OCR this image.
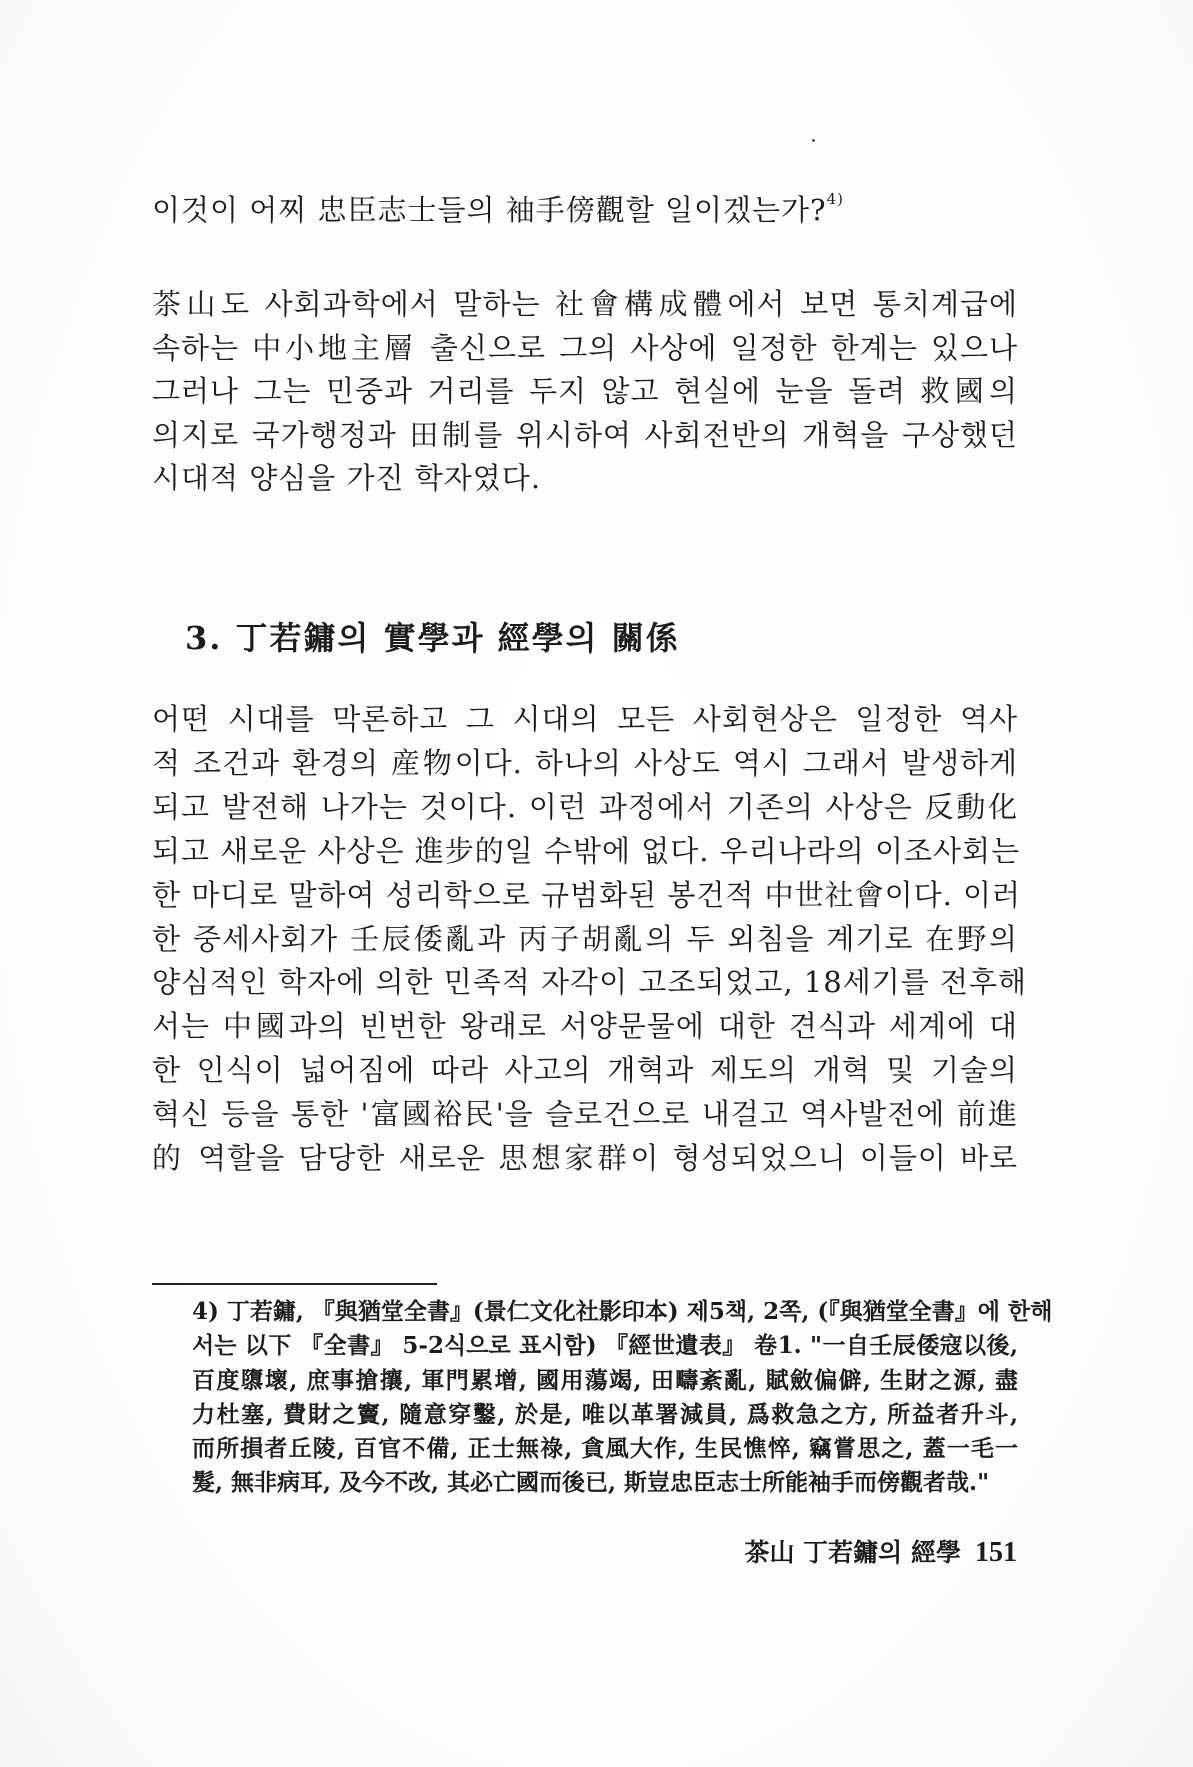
이것이 어찌 忠臣志士들의 袖手傍觀할 일이겠는가?$^{4)}$
茶山도 사회과학에서 말하는 社會構成體에서 보면 통치계급에
속하는 中小地主層 출신으로 그의 사상에 일정한 한계는 있으나
그러나 그는 민중과 거리를 두지 않고 현실에 눈을 돌려 救國의
의지로 국가행정과 田制를 위시하여 사회전반의 개혁을 구상했던
시대적 양심을 가진 학자였다.
3. 丁若鏞의 實學과 經學의 關係
어떤 시대를 막론하고 그 시대의 모든 사회현상은 일정한 역사
적 조건과 환경의 産物이다. 하나의 사상도 역시 그래서 발생하게
되고 발전해 나가는 것이다. 이런 과정에서 기존의 사상은 反動化
되고 새로운 사상은 進步的일 수밖에 없다. 우리나라의 이조사회는
한 마디로 말하여 성리학으로 규범화된 봉건적 中世社會이다. 이러
한 중세사회가 壬辰倭亂과 丙子胡亂의 두 외침을 계기로 在野의
양심적인 학자에 의한 민족적 자각이 고조되었고, 18세기를 전후해
서는 中國과의 빈번한 왕래로 서양문물에 대한 견식과 세계에 대
한 인식이 넓어짐에 따라 사고의 개혁과 제도의 개혁 및 기술의
혁신 등을 통한 '富國裕民'을 슬로건으로 내걸고 역사발전에 前進
的 역할을 담당한 새로운 思想家群이 형성되었으니 이들이 바로
4) 丁若鏞, 『與猶堂全書』(景仁文化社影印本) 제5책, 2쪽, (『與猶堂全書』에 한해
서는 以下 『全書』 5-2식으로 표시함) 『經世遺表』 卷1. "一自壬辰倭寇以後,
百度隳壞, 庶事搶攘, 軍門累增, 國用蕩竭, 田疇紊亂, 賦斂偏僻, 生財之源, 盡
力杜塞, 費財之竇, 隨意穿鑿, 於是, 唯以革署減員, 爲救急之方, 所益者升斗,
而所損者丘陵, 百官不備, 正士無祿, 貪風大作, 生民憔悴, 竊嘗思之, 蓋一毛一
髮, 無非病耳, 及今不改, 其必亡國而後已, 斯豈忠臣志士所能袖手而傍觀者哉."
茶山 丁若鏞의 經學 151
